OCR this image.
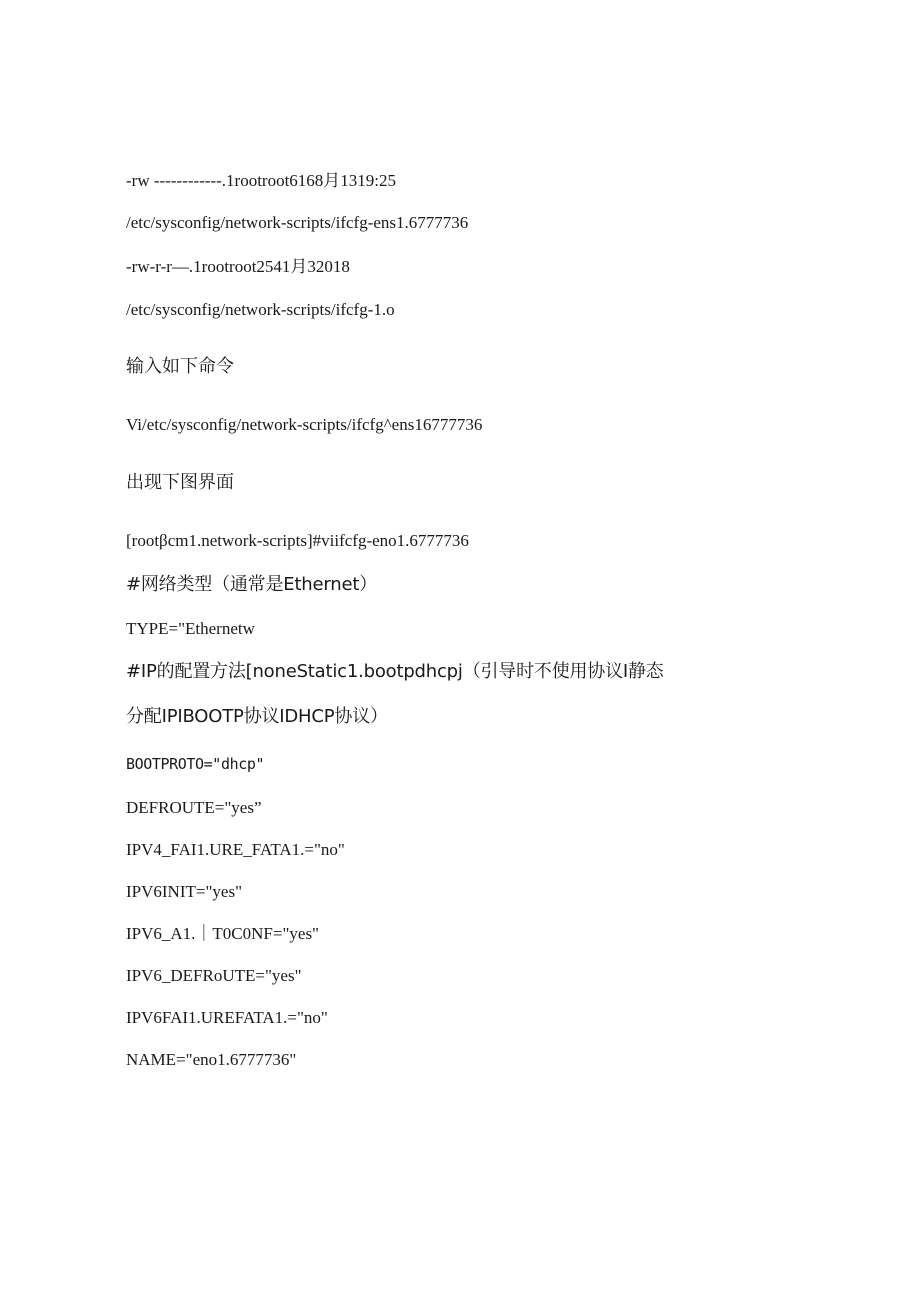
-rw ------------.1rootroot6168月1319:25
/etc/sysconfig/network-scripts/ifcfg-ens1.6777736
-rw-r-r—.1rootroot2541月32018
/etc/sysconfig/network-scripts/ifcfg-1.o
输入如下命令
Vi/etc/sysconfig/network-scripts/ifcfg^ens16777736
出现下图界面
[rootβcm1.network-scripts]#viifcfg-eno1.6777736
#网络类型（通常是Ethernet）
TYPE="Ethernetw
#IP的配置方法[noneStatic1.bootpdhcpj（引导时不使用协议I静态
分配IPIBOOTP协议IDHCP协议）
BOOTPROTO="dhcp"
DEFROUTE="yes”
IPV4_FAI1.URE_FATA1.="no"
IPV6INIT="yes"
IPV6_A1.｜T0C0NF="yes"
IPV6_DEFRoUTE="yes"
IPV6FAI1.UREFATA1.="no"
NAME="eno1.6777736"
